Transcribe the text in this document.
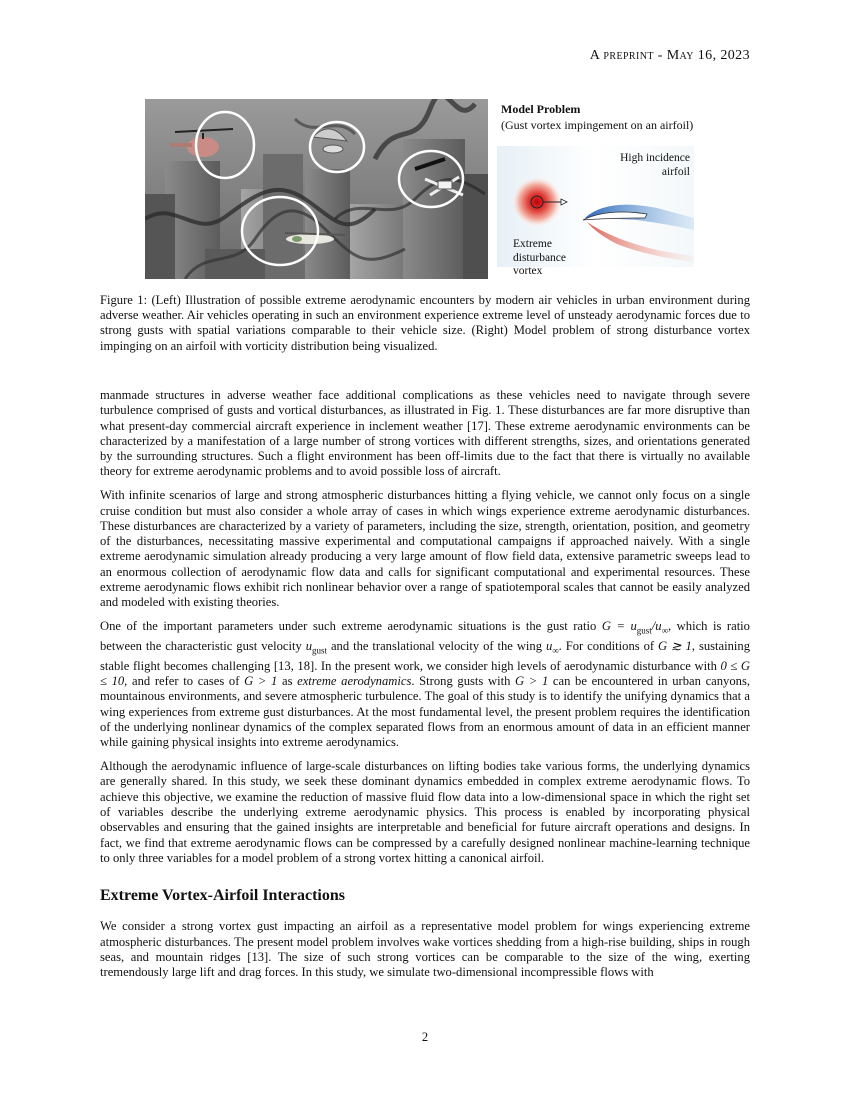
A preprint - May 16, 2023
Model Problem
(Gust vortex impingement on an airfoil)
High incidence
airfoil
Extreme
disturbance
vortex
Figure 1: (Left) Illustration of possible extreme aerodynamic encounters by modern air vehicles in urban environment during adverse weather. Air vehicles operating in such an environment experience extreme level of unsteady aerodynamic forces due to strong gusts with spatial variations comparable to their vehicle size. (Right) Model problem of strong disturbance vortex impinging on an airfoil with vorticity distribution being visualized.

manmade structures in adverse weather face additional complications as these vehicles need to navigate through severe turbulence comprised of gusts and vortical disturbances, as illustrated in Fig. 1. These disturbances are far more disruptive than what present-day commercial aircraft experience in inclement weather [17]. These extreme aerodynamic environments can be characterized by a manifestation of a large number of strong vortices with different strengths, sizes, and orientations generated by the surrounding structures. Such a flight environment has been off-limits due to the fact that there is virtually no available theory for extreme aerodynamic problems and to avoid possible loss of aircraft.

With infinite scenarios of large and strong atmospheric disturbances hitting a flying vehicle, we cannot only focus on a single cruise condition but must also consider a whole array of cases in which wings experience extreme aerodynamic disturbances. These disturbances are characterized by a variety of parameters, including the size, strength, orientation, position, and geometry of the disturbances, necessitating massive experimental and computational campaigns if approached naively. With a single extreme aerodynamic simulation already producing a very large amount of flow field data, extensive parametric sweeps lead to an enormous collection of aerodynamic flow data and calls for significant computational and experimental resources. These extreme aerodynamic flows exhibit rich nonlinear behavior over a range of spatiotemporal scales that cannot be easily analyzed and modeled with existing theories.

One of the important parameters under such extreme aerodynamic situations is the gust ratio $G = u_{gust}/u_\infty$, which is ratio between the characteristic gust velocity $u_{gust}$ and the translational velocity of the wing $u_\infty$. For conditions of G ≳ 1, sustaining stable flight becomes challenging [13, 18]. In the present work, we consider high levels of aerodynamic disturbance with 0 ≤ G ≤ 10, and refer to cases of G > 1 as extreme aerodynamics. Strong gusts with G > 1 can be encountered in urban canyons, mountainous environments, and severe atmospheric turbulence. The goal of this study is to identify the unifying dynamics that a wing experiences from extreme gust disturbances. At the most fundamental level, the present problem requires the identification of the underlying nonlinear dynamics of the complex separated flows from an enormous amount of data in an efficient manner while gaining physical insights into extreme aerodynamics.

Although the aerodynamic influence of large-scale disturbances on lifting bodies take various forms, the underlying dynamics are generally shared. In this study, we seek these dominant dynamics embedded in complex extreme aerodynamic flows. To achieve this objective, we examine the reduction of massive fluid flow data into a low-dimensional space in which the right set of variables describe the underlying extreme aerodynamic physics. This process is enabled by incorporating physical observables and ensuring that the gained insights are interpretable and beneficial for future aircraft operations and designs. In fact, we find that extreme aerodynamic flows can be compressed by a carefully designed nonlinear machine-learning technique to only three variables for a model problem of a strong vortex hitting a canonical airfoil.

Extreme Vortex-Airfoil Interactions

We consider a strong vortex gust impacting an airfoil as a representative model problem for wings experiencing extreme atmospheric disturbances. The present model problem involves wake vortices shedding from a high-rise building, ships in rough seas, and mountain ridges [13]. The size of such strong vortices can be comparable to the size of the wing, exerting tremendously large lift and drag forces. In this study, we simulate two-dimensional incompressible flows with

2
